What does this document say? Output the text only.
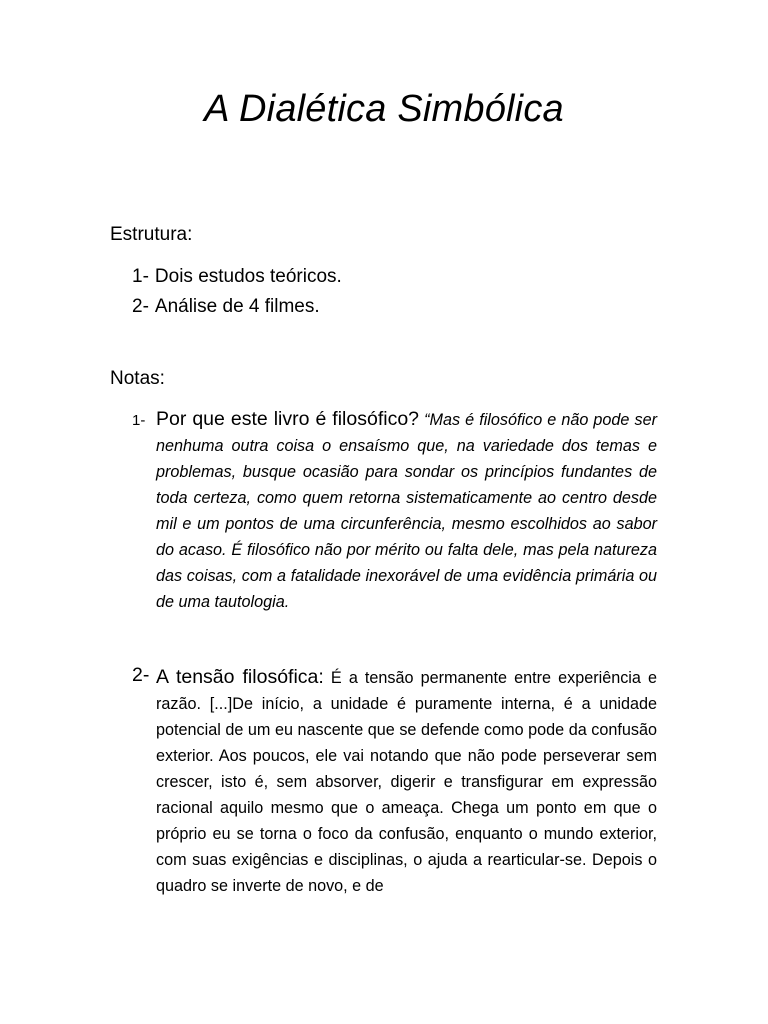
A Dialética Simbólica
Estrutura:
1- Dois estudos teóricos.
2- Análise de 4 filmes.
Notas:
1- Por que este livro é filosófico? “Mas é filosófico e não pode ser nenhuma outra coisa o ensaísmo que, na variedade dos temas e problemas, busque ocasião para sondar os princípios fundantes de toda certeza, como quem retorna sistematicamente ao centro desde mil e um pontos de uma circunferência, mesmo escolhidos ao sabor do acaso. É filosófico não por mérito ou falta dele, mas pela natureza das coisas, com a fatalidade inexorável de uma evidência primária ou de uma tautologia.
2- A tensão filosófica: É a tensão permanente entre experiência e razão. [...]De início, a unidade é puramente interna, é a unidade potencial de um eu nascente que se defende como pode da confusão exterior. Aos poucos, ele vai notando que não pode perseverar sem crescer, isto é, sem absorver, digerir e transfigurar em expressão racional aquilo mesmo que o ameaça. Chega um ponto em que o próprio eu se torna o foco da confusão, enquanto o mundo exterior, com suas exigências e disciplinas, o ajuda a rearticular-se. Depois o quadro se inverte de novo, e de
